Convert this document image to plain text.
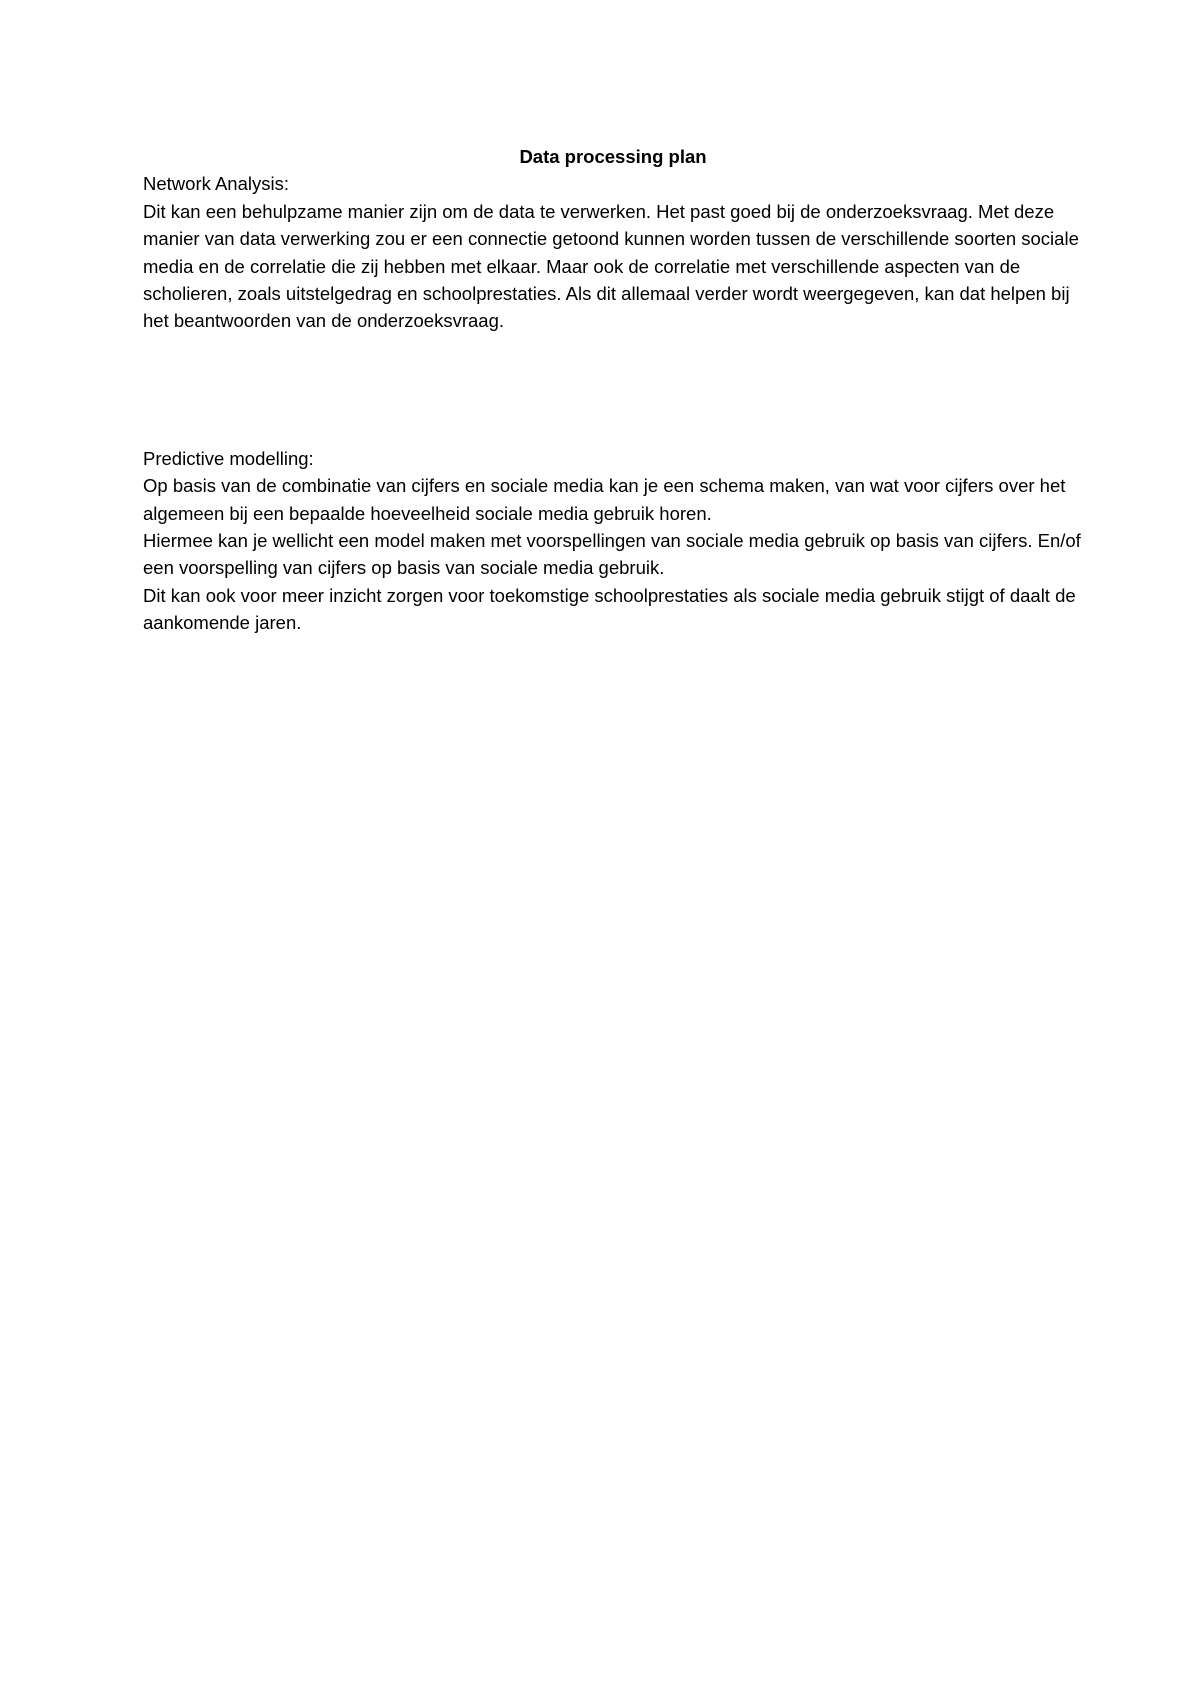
Data processing plan

Network Analysis:

Dit kan een behulpzame manier zijn om de data te verwerken. Het past goed bij de onderzoeksvraag. Met deze manier van data verwerking zou er een connectie getoond kunnen worden tussen de verschillende soorten sociale media en de correlatie die zij hebben met elkaar. Maar ook de correlatie met verschillende aspecten van de scholieren, zoals uitstelgedrag en schoolprestaties. Als dit allemaal verder wordt weergegeven, kan dat helpen bij het beantwoorden van de onderzoeksvraag.

Predictive modelling:

Op basis van de combinatie van cijfers en sociale media kan je een schema maken, van wat voor cijfers over het algemeen bij een bepaalde hoeveelheid sociale media gebruik horen.

Hiermee kan je wellicht een model maken met voorspellingen van sociale media gebruik op basis van cijfers. En/of een voorspelling van cijfers op basis van sociale media gebruik.

Dit kan ook voor meer inzicht zorgen voor toekomstige schoolprestaties als sociale media gebruik stijgt of daalt de aankomende jaren.
